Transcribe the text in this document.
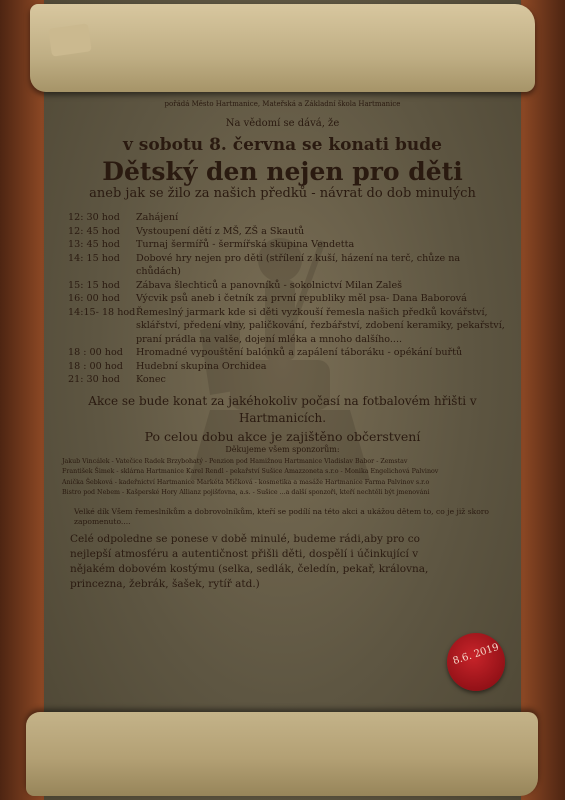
pořádá Město Hartmanice, Mateřská a Základní škola Hartmanice
Na vědomí se dává, že
v sobotu 8. června se konati bude
Dětský den nejen pro děti
aneb jak se žilo za našich předků - návrat do dob minulých
12: 30 hod	Zahájení
12: 45 hod	Vystoupení dětí z MŠ, ZŠ a Skautů
13: 45 hod	Turnaj šermířů - šermířská skupina Vendetta
14: 15 hod	Dobové hry nejen pro děti (střílení z kuší, házení na terč, chůze na chůdách)
15: 15 hod	Zábava šlechticů a panovníků - sokolnictví Milan Zaleš
16: 00 hod	Výcvik psů aneb i četník za první republiky měl psa- Dana Baborová
14:15- 18 hod Řemeslný jarmark kde si děti vyzkouší řemesla našich předků kovářství, sklářství, předení vlny, paličkování, řezbářství, zdobení keramiky, pekařství, praní prádla na valše, dojení mléka a mnoho dalšího....
18 : 00 hod	Hromadné vypouštění balónků a zapálení táboráku - opékání buřtů
18 : 00 hod	Hudební skupina Orchidea
21: 30 hod	Konec
Akce se bude konat za jakéhokoliv počasí na fotbalovém hřišti v Hartmanicích.
Po celou dobu akce je zajištěno občerstvení
Děkujeme všem sponzorům:
Jakub Vincálek - Vatečice Radek Brzybohatý - Penzion pod Hamižnou Hartmanice Vladislav Babor - Zemstav
František Šimek - sklárna Hartmanice Karel Rendl - pekařství Sušice Amazzoneta s.r.o - Monika Engelichová Palvinov
Anička Šebková - kadeřnictví Hartmanice Markéta Mičková - kosmetika a masáže Hartmanice Farma Palvinov s.r.o
Bistro pod Nebem - Kašperské Hory Allianz pojišťovna, a.s. - Sušice ...a další sponzoři, kteří nechtěli být jmenováni
Velké dík Všem řemeslníkům a dobrovolníkům, kteří se podílí na této akci a ukážou dětem to, co je již skoro zapomenuto....
Celé odpoledne se ponese v době minulé, budeme rádi,aby pro co nejlepší atmosféru a autentičnost přišli děti, dospělí i účinkující v nějakém dobovém kostýmu (selka, sedlák, čeledín, pekař, královna, princezna, žebrák, šašek, rytíř atd.)
8.6. 2019
